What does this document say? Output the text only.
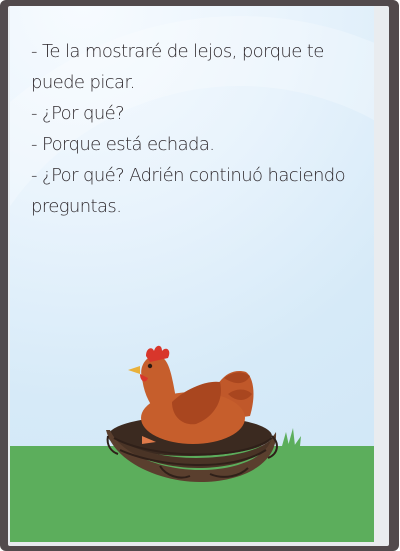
- Te la mostraré de lejos, porque te puede picar.
- ¿Por qué?
- Porque está echada.
- ¿Por qué? Adrién continuó haciendo preguntas.
